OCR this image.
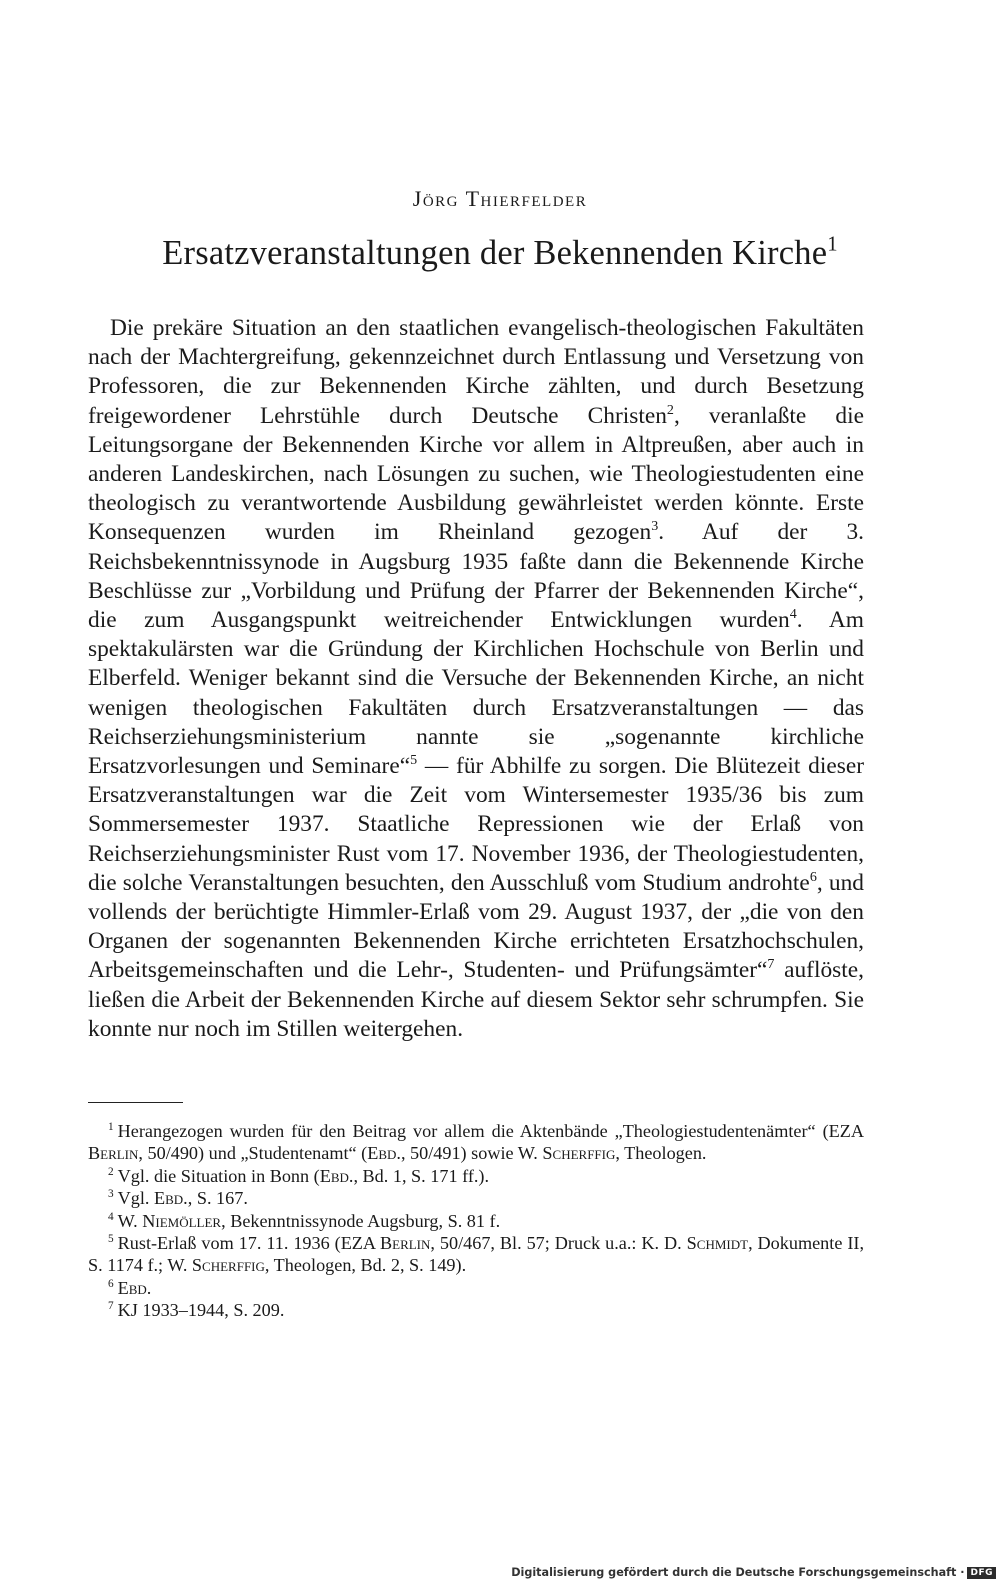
Jörg Thierfelder
Ersatzveranstaltungen der Bekennenden Kirche$^1$

Die prekäre Situation an den staatlichen evangelisch-theologischen Fakultäten nach der Machtergreifung, gekennzeichnet durch Entlassung und Versetzung von Professoren, die zur Bekennenden Kirche zählten, und durch Besetzung freigewordener Lehrstühle durch Deutsche Christen$^2$, veranlaßte die Leitungsorgane der Bekennenden Kirche vor allem in Altpreußen, aber auch in anderen Landeskirchen, nach Lösungen zu suchen, wie Theologiestudenten eine theologisch zu verantwortende Ausbildung gewährleistet werden könnte. Erste Konsequenzen wurden im Rheinland gezogen$^3$. Auf der 3. Reichsbekenntnissynode in Augsburg 1935 faßte dann die Bekennende Kirche Beschlüsse zur „Vorbildung und Prüfung der Pfarrer der Bekennenden Kirche“, die zum Ausgangspunkt weitreichender Entwicklungen wurden$^4$. Am spektakulärsten war die Gründung der Kirchlichen Hochschule von Berlin und Elberfeld. Weniger bekannt sind die Versuche der Bekennenden Kirche, an nicht wenigen theologischen Fakultäten durch Ersatzveranstaltungen — das Reichserziehungsministerium nannte sie „sogenannte kirchliche Ersatzvorlesungen und Seminare“$^5$ — für Abhilfe zu sorgen. Die Blütezeit dieser Ersatzveranstaltungen war die Zeit vom Wintersemester 1935/36 bis zum Sommersemester 1937. Staatliche Repressionen wie der Erlaß von Reichserziehungsminister Rust vom 17. November 1936, der Theologiestudenten, die solche Veranstaltungen besuchten, den Ausschluß vom Studium androhte$^6$, und vollends der berüchtigte Himmler-Erlaß vom 29. August 1937, der „die von den Organen der sogenannten Bekennenden Kirche errichteten Ersatzhochschulen, Arbeitsgemeinschaften und die Lehr-, Studenten- und Prüfungsämter“$^7$ auflöste, ließen die Arbeit der Bekennenden Kirche auf diesem Sektor sehr schrumpfen. Sie konnte nur noch im Stillen weitergehen.

$^1$ Herangezogen wurden für den Beitrag vor allem die Aktenbände „Theologiestudentenämter“ (EZA Berlin, 50/490) und „Studentenamt“ (Ebd., 50/491) sowie W. Scherffig, Theologen.
$^2$ Vgl. die Situation in Bonn (Ebd., Bd. 1, S. 171 ff.).
$^3$ Vgl. Ebd., S. 167.
$^4$ W. Niemöller, Bekenntnissynode Augsburg, S. 81 f.
$^5$ Rust-Erlaß vom 17. 11. 1936 (EZA Berlin, 50/467, Bl. 57; Druck u.a.: K. D. Schmidt, Dokumente II, S. 1174 f.; W. Scherffig, Theologen, Bd. 2, S. 149).
$^6$ Ebd.
$^7$ KJ 1933–1944, S. 209.
Digitalisierung gefördert durch die Deutsche Forschungsgemeinschaft · DFG
